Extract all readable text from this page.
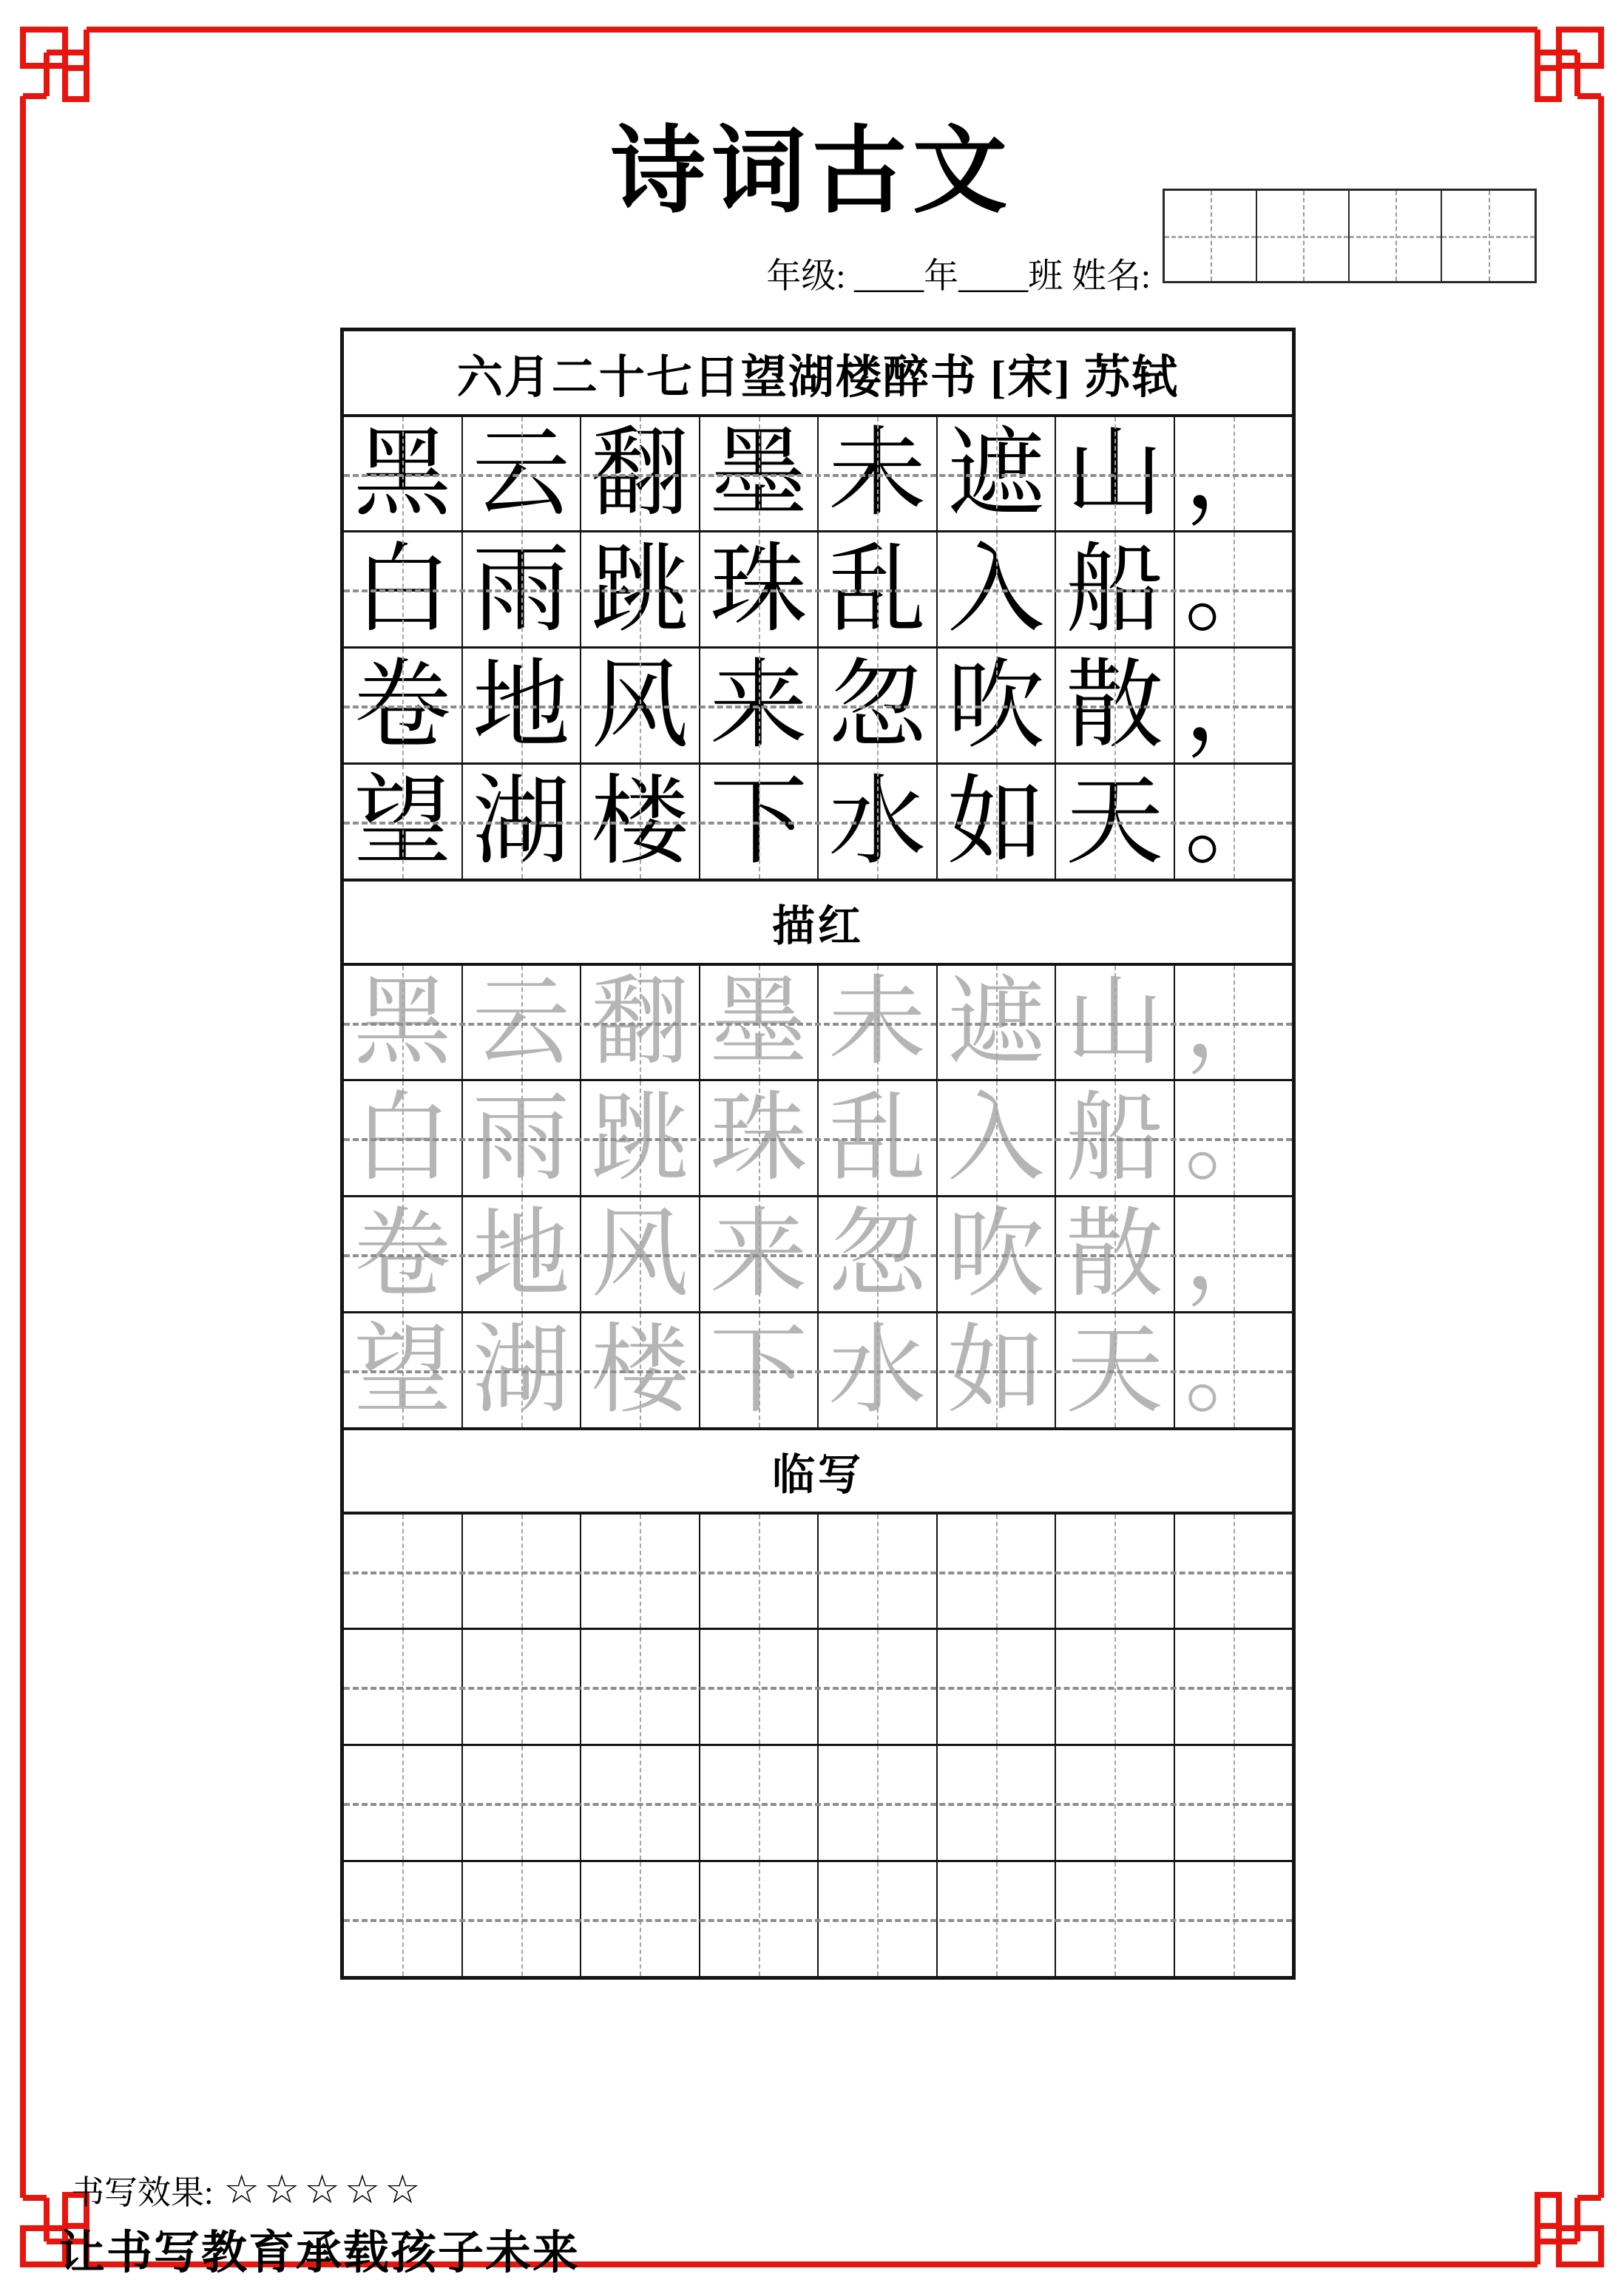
诗词古文
年级: ____年____班 姓名:
六月二十七日望湖楼醉书 [宋] 苏轼
黑 云 翻 墨 未 遮 山 ，
白 雨 跳 珠 乱 入 船 。
卷 地 风 来 忽 吹 散 ，
望 湖 楼 下 水 如 天 。
描红
黑 云 翻 墨 未 遮 山 ，
白 雨 跳 珠 乱 入 船 。
卷 地 风 来 忽 吹 散 ，
望 湖 楼 下 水 如 天 。
临写
书写效果: ☆☆☆☆☆
让书写教育承载孩子未来
